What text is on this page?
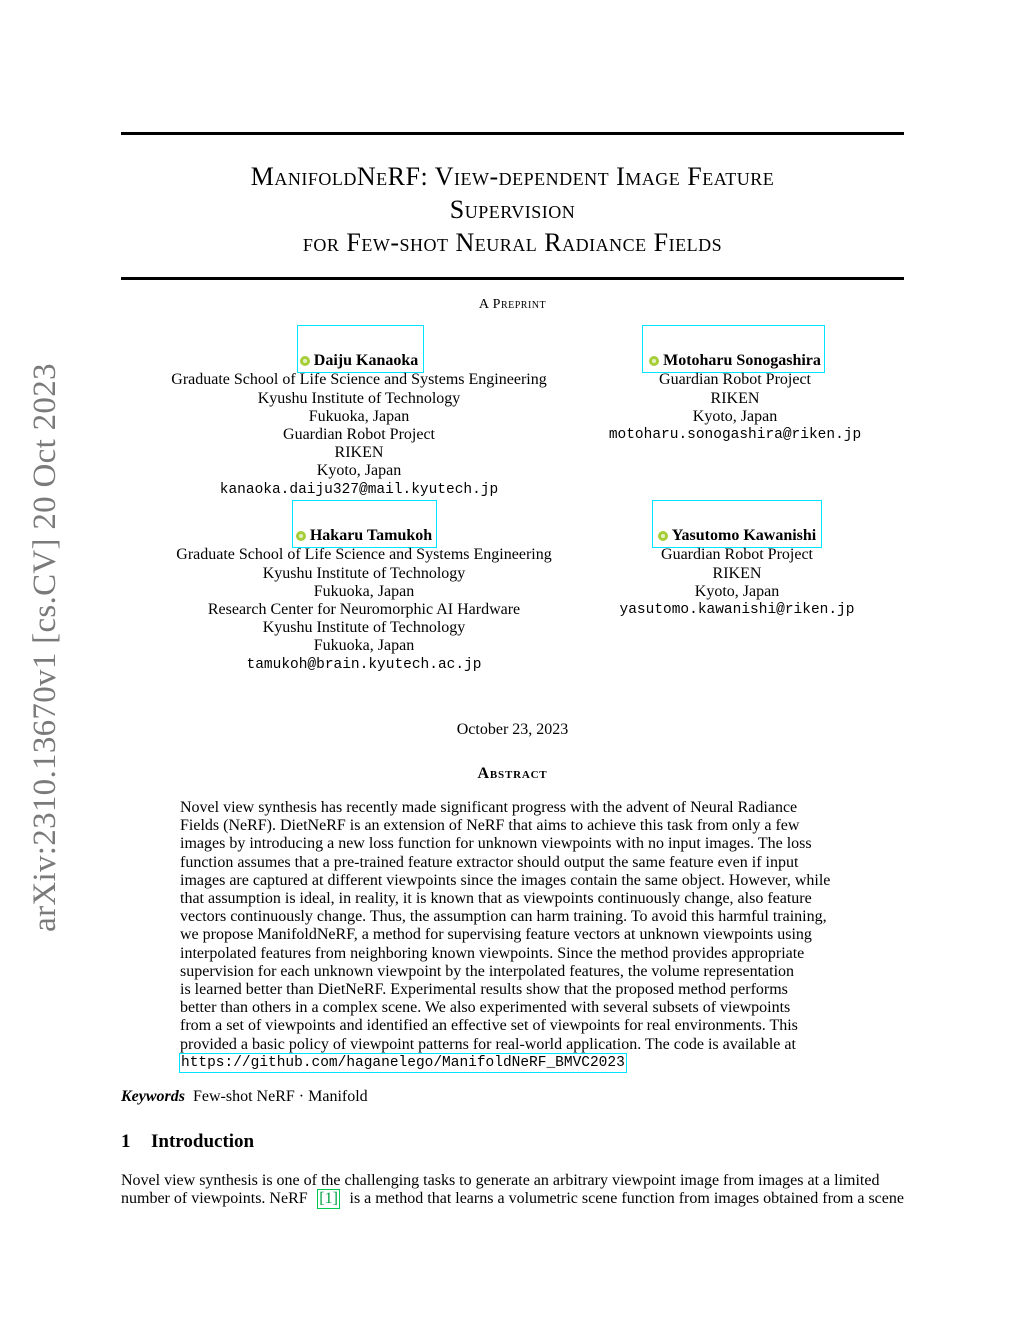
arXiv:2310.13670v1 [cs.CV] 20 Oct 2023
ManifoldNeRF: View-dependent Image Feature
Supervision
for Few-shot Neural Radiance Fields
A Preprint
Daiju Kanaoka
Graduate School of Life Science and Systems Engineering
Kyushu Institute of Technology
Fukuoka, Japan
Guardian Robot Project
RIKEN
Kyoto, Japan
kanaoka.daiju327@mail.kyutech.jp
Motoharu Sonogashira
Guardian Robot Project
RIKEN
Kyoto, Japan
motoharu.sonogashira@riken.jp
Hakaru Tamukoh
Graduate School of Life Science and Systems Engineering
Kyushu Institute of Technology
Fukuoka, Japan
Research Center for Neuromorphic AI Hardware
Kyushu Institute of Technology
Fukuoka, Japan
tamukoh@brain.kyutech.ac.jp
Yasutomo Kawanishi
Guardian Robot Project
RIKEN
Kyoto, Japan
yasutomo.kawanishi@riken.jp
October 23, 2023
Abstract
Novel view synthesis has recently made significant progress with the advent of Neural Radiance
Fields (NeRF). DietNeRF is an extension of NeRF that aims to achieve this task from only a few
images by introducing a new loss function for unknown viewpoints with no input images. The loss
function assumes that a pre-trained feature extractor should output the same feature even if input
images are captured at different viewpoints since the images contain the same object. However, while
that assumption is ideal, in reality, it is known that as viewpoints continuously change, also feature
vectors continuously change. Thus, the assumption can harm training. To avoid this harmful training,
we propose ManifoldNeRF, a method for supervising feature vectors at unknown viewpoints using
interpolated features from neighboring known viewpoints. Since the method provides appropriate
supervision for each unknown viewpoint by the interpolated features, the volume representation
is learned better than DietNeRF. Experimental results show that the proposed method performs
better than others in a complex scene. We also experimented with several subsets of viewpoints
from a set of viewpoints and identified an effective set of viewpoints for real environments. This
provided a basic policy of viewpoint patterns for real-world application. The code is available at
https://github.com/haganelego/ManifoldNeRF_BMVC2023
Keywords Few-shot NeRF · Manifold
1 Introduction
Novel view synthesis is one of the challenging tasks to generate an arbitrary viewpoint image from images at a limited
number of viewpoints. NeRF [1] is a method that learns a volumetric scene function from images obtained from a scene
